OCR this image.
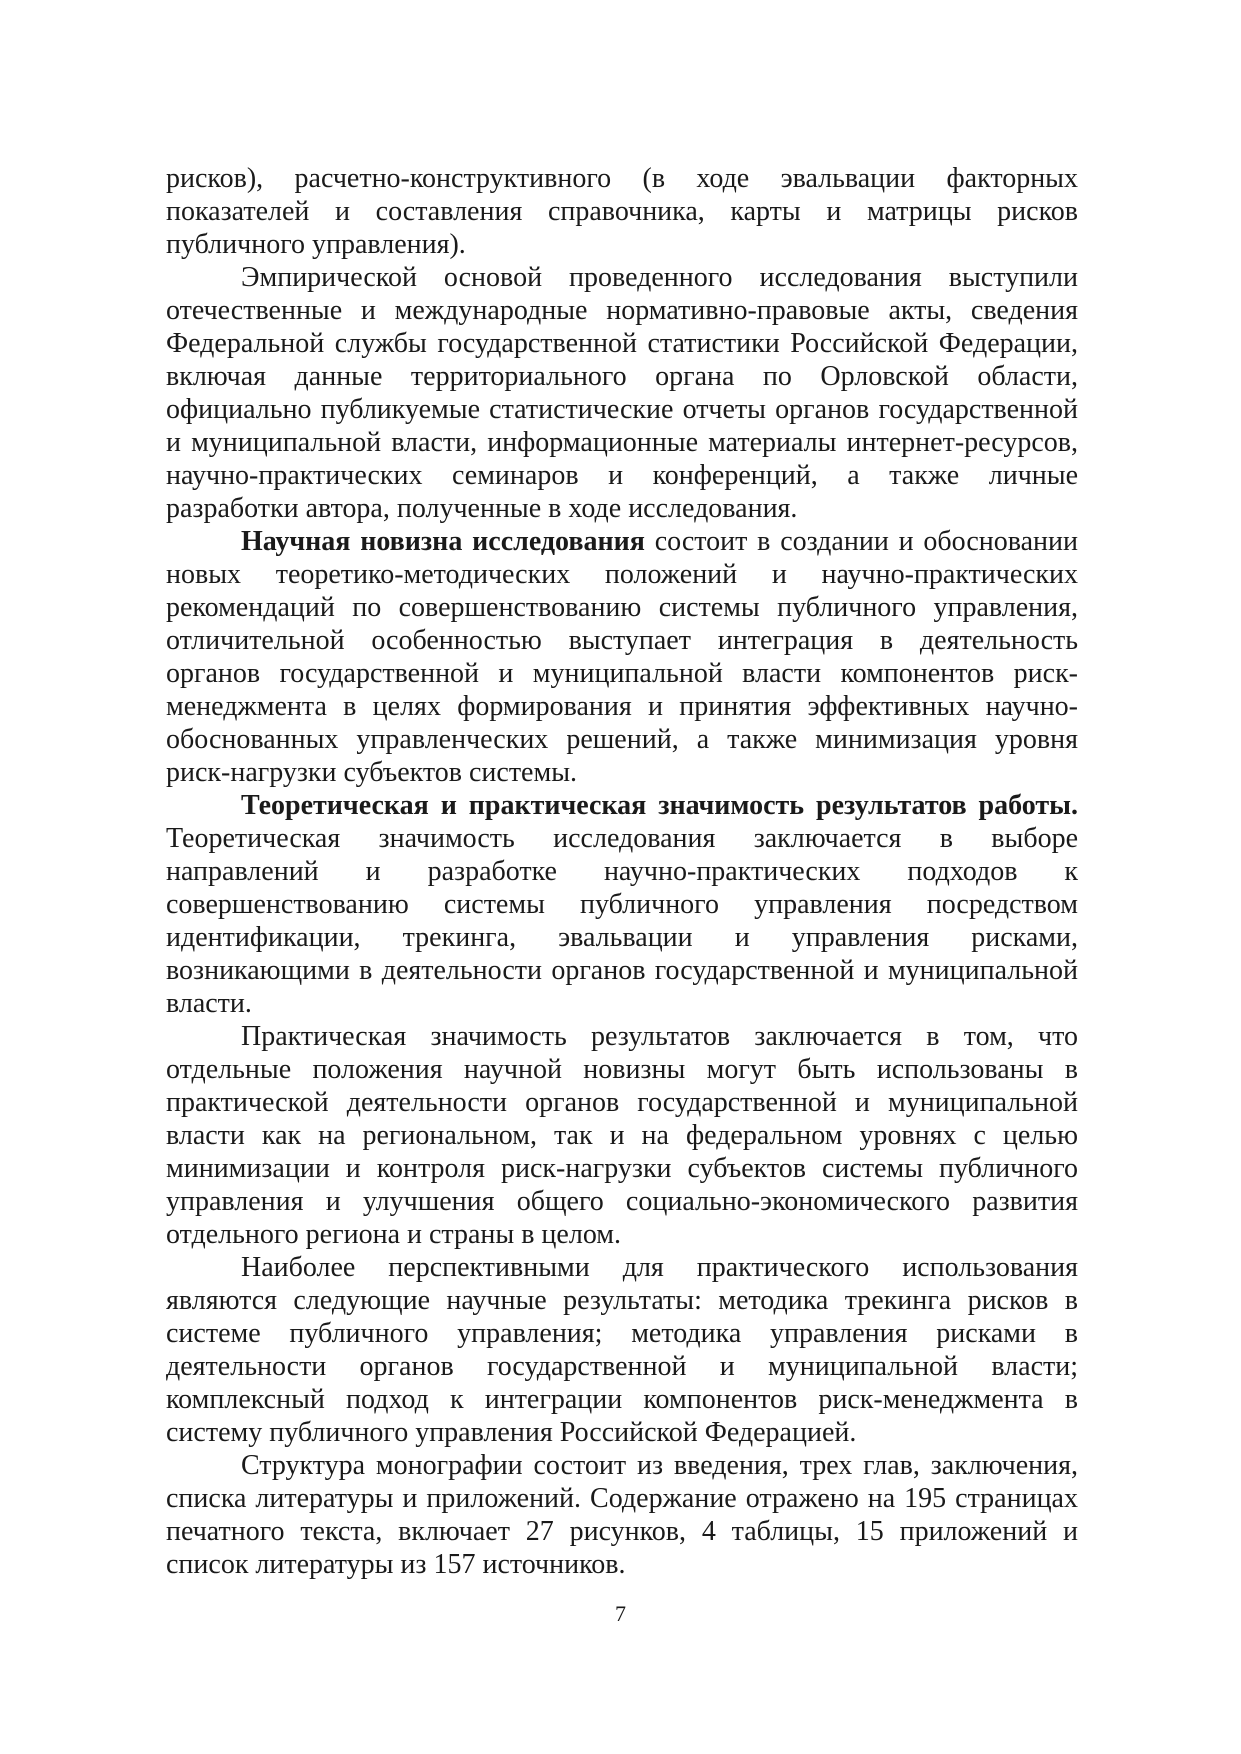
рисков), расчетно-конструктивного (в ходе эвальвации факторных показателей и составления справочника, карты и матрицы рисков публичного управления).

Эмпирической основой проведенного исследования выступили отечественные и международные нормативно-правовые акты, сведения Федеральной службы государственной статистики Российской Федерации, включая данные территориального органа по Орловской области, официально публикуемые статистические отчеты органов государственной и муниципальной власти, информационные материалы интернет-ресурсов, научно-практических семинаров и конференций, а также личные разработки автора, полученные в ходе исследования.

Научная новизна исследования состоит в создании и обосновании новых теоретико-методических положений и научно-практических рекомендаций по совершенствованию системы публичного управления, отличительной особенностью выступает интеграция в деятельность органов государственной и муниципальной власти компонентов риск-менеджмента в целях формирования и принятия эффективных научно-обоснованных управленческих решений, а также минимизация уровня риск-нагрузки субъектов системы.

Теоретическая и практическая значимость результатов работы. Теоретическая значимость исследования заключается в выборе направлений и разработке научно-практических подходов к совершенствованию системы публичного управления посредством идентификации, трекинга, эвальвации и управления рисками, возникающими в деятельности органов государственной и муниципальной власти.

Практическая значимость результатов заключается в том, что отдельные положения научной новизны могут быть использованы в практической деятельности органов государственной и муниципальной власти как на региональном, так и на федеральном уровнях с целью минимизации и контроля риск-нагрузки субъектов системы публичного управления и улучшения общего социально-экономического развития отдельного региона и страны в целом.

Наиболее перспективными для практического использования являются следующие научные результаты: методика трекинга рисков в системе публичного управления; методика управления рисками в деятельности органов государственной и муниципальной власти; комплексный подход к интеграции компонентов риск-менеджмента в систему публичного управления Российской Федерацией.

Структура монографии состоит из введения, трех глав, заключения, списка литературы и приложений. Содержание отражено на 195 страницах печатного текста, включает 27 рисунков, 4 таблицы, 15 приложений и список литературы из 157 источников.

7
